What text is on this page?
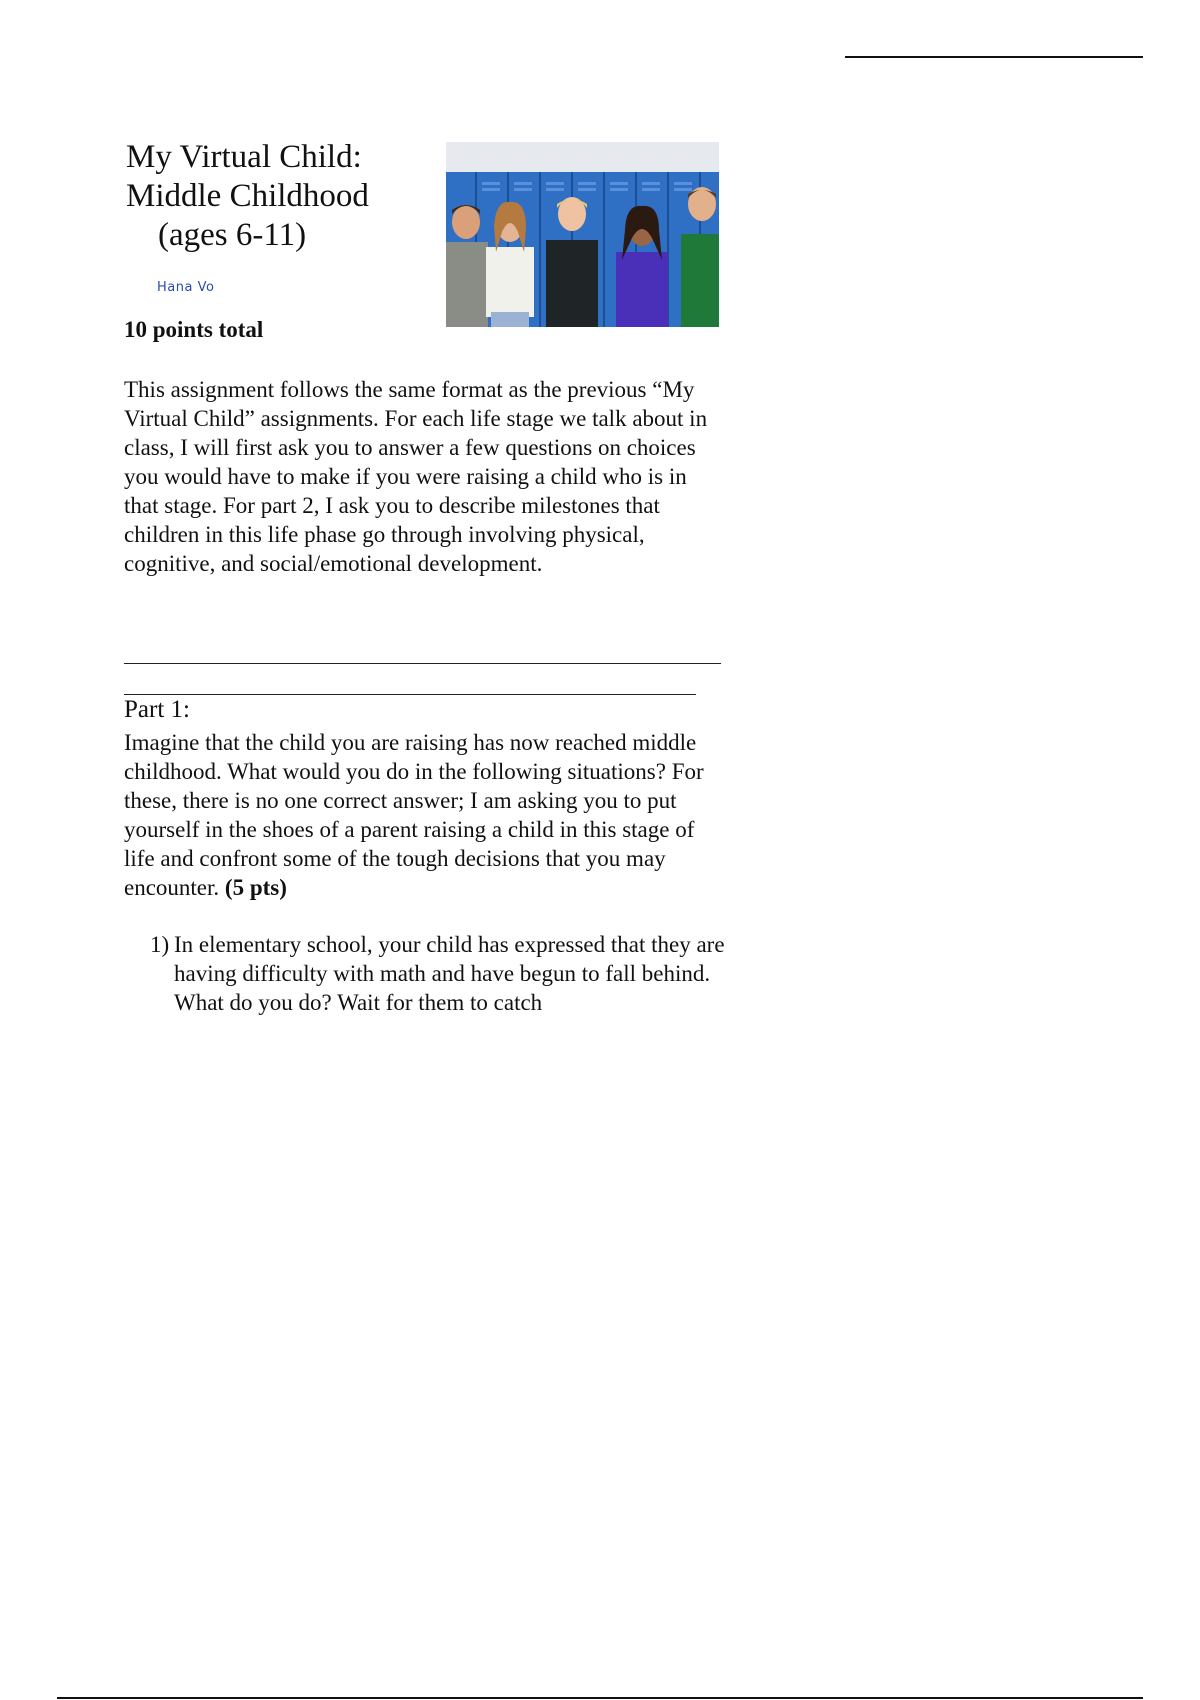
My Virtual Child:
Middle Childhood
(ages 6-11)
Hana Vo
10 points total

This assignment follows the same format as the previous “My Virtual Child” assignments. For each life stage we talk about in class, I will first ask you to answer a few questions on choices you would have to make if you were raising a child who is in that stage. For part 2, I ask you to describe milestones that children in this life phase go through involving physical, cognitive, and social/emotional development.

Part 1:

Imagine that the child you are raising has now reached middle childhood. What would you do in the following situations? For these, there is no one correct answer; I am asking you to put yourself in the shoes of a parent raising a child in this stage of life and confront some of the tough decisions that you may encounter. (5 pts)

1) In elementary school, your child has expressed that they are having difficulty with math and have begun to fall behind. What do you do? Wait for them to catch
